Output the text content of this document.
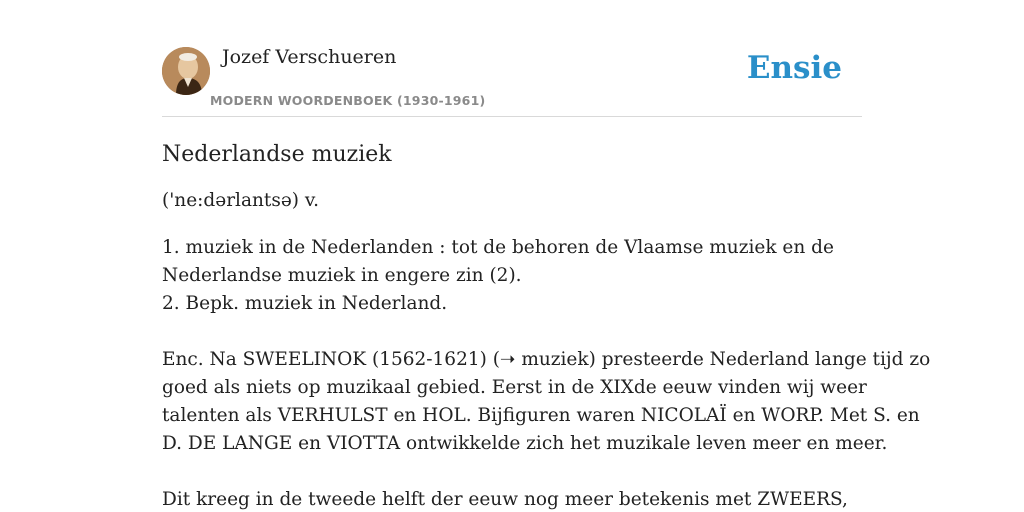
Jozef Verschueren
MODERN WOORDENBOEK (1930-1961)
Ensie
Nederlandse muziek

('ne:dərlantsə) v.

1. muziek in de Nederlanden : tot de behoren de Vlaamse muziek en de
Nederlandse muziek in engere zin (2).
2. Bepk. muziek in Nederland.
Enc. Na SWEELINOK (1562-1621) (➝ muziek) presteerde Nederland lange tijd zo
goed als niets op muzikaal gebied. Eerst in de XIXde eeuw vinden wij weer
talenten als VERHULST en HOL. Bijfiguren waren NICOLAÏ en WORP. Met S. en
D. DE LANGE en VIOTTA ontwikkelde zich het muzikale leven meer en meer.
Dit kreeg in de tweede helft der eeuw nog meer betekenis met ZWEERS,
